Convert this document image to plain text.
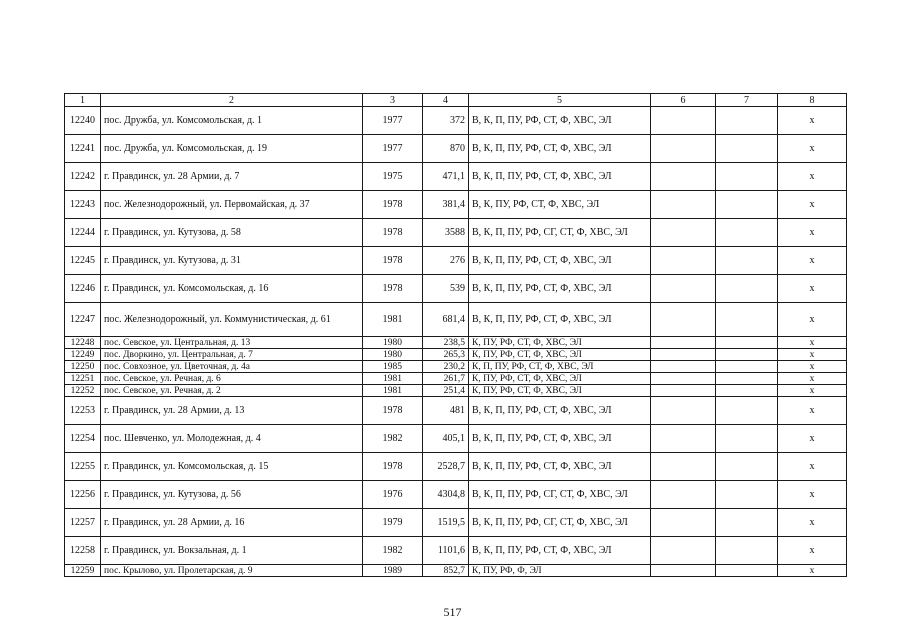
1	2	3	4	5	6	7	8
12240	пос. Дружба, ул. Комсомольская, д. 1	1977	372	В, К, П, ПУ, РФ, СТ, Ф, ХВС, ЭЛ			х
12241	пос. Дружба, ул. Комсомольская, д. 19	1977	870	В, К, П, ПУ, РФ, СТ, Ф, ХВС, ЭЛ			х
12242	г. Правдинск, ул. 28 Армии, д. 7	1975	471,1	В, К, П, ПУ, РФ, СТ, Ф, ХВС, ЭЛ			х
12243	пос. Железнодорожный, ул. Первомайская, д. 37	1978	381,4	В, К, ПУ, РФ, СТ, Ф, ХВС, ЭЛ			х
12244	г. Правдинск, ул. Кутузова, д. 58	1978	3588	В, К, П, ПУ, РФ, СГ, СТ, Ф, ХВС, ЭЛ			х
12245	г. Правдинск, ул. Кутузова, д. 31	1978	276	В, К, П, ПУ, РФ, СТ, Ф, ХВС, ЭЛ			х
12246	г. Правдинск, ул. Комсомольская, д. 16	1978	539	В, К, П, ПУ, РФ, СТ, Ф, ХВС, ЭЛ			х
12247	пос. Железнодорожный, ул. Коммунистическая, д. 61	1981	681,4	В, К, П, ПУ, РФ, СТ, Ф, ХВС, ЭЛ			х
12248	пос. Севское, ул. Центральная, д. 13	1980	238,5	К, ПУ, РФ, СТ, Ф, ХВС, ЭЛ			х
12249	пос. Дворкино, ул. Центральная, д. 7	1980	265,3	К, ПУ, РФ, СТ, Ф, ХВС, ЭЛ			х
12250	пос. Совхозное, ул. Цветочная, д. 4а	1985	230,2	К, П, ПУ, РФ, СТ, Ф, ХВС, ЭЛ			х
12251	пос. Севское, ул. Речная, д. 6	1981	261,7	К, ПУ, РФ, СТ, Ф, ХВС, ЭЛ			х
12252	пос. Севское, ул. Речная, д. 2	1981	251,4	К, ПУ, РФ, СТ, Ф, ХВС, ЭЛ			х
12253	г. Правдинск, ул. 28 Армии, д. 13	1978	481	В, К, П, ПУ, РФ, СТ, Ф, ХВС, ЭЛ			х
12254	пос. Шевченко, ул. Молодежная, д. 4	1982	405,1	В, К, П, ПУ, РФ, СТ, Ф, ХВС, ЭЛ			х
12255	г. Правдинск, ул. Комсомольская, д. 15	1978	2528,7	В, К, П, ПУ, РФ, СТ, Ф, ХВС, ЭЛ			х
12256	г. Правдинск, ул. Кутузова, д. 56	1976	4304,8	В, К, П, ПУ, РФ, СГ, СТ, Ф, ХВС, ЭЛ			х
12257	г. Правдинск, ул. 28 Армии, д. 16	1979	1519,5	В, К, П, ПУ, РФ, СГ, СТ, Ф, ХВС, ЭЛ			х
12258	г. Правдинск, ул. Вокзальная, д. 1	1982	1101,6	В, К, П, ПУ, РФ, СТ, Ф, ХВС, ЭЛ			х
12259	пос. Крылово, ул. Пролетарская, д. 9	1989	852,7	К, ПУ, РФ, Ф, ЭЛ			х
517
